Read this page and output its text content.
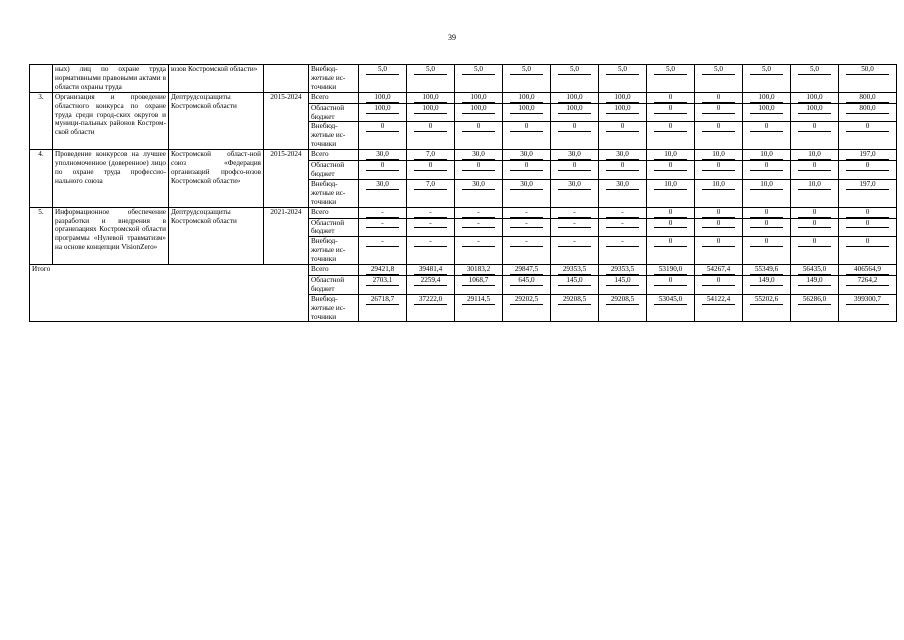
39
	ных) лиц по охране труда нормативными правовыми актами в области охраны труда	юзов Костромской области»		Внебюд-жетные ис-точники	5,0	5,0	5,0	5,0	5,0	5,0	5,0	5,0	5,0	5,0	50,0

3.	Организация и проведение областного конкурса по охране труда среди город-ских округов и муници-пальных районов Костром-ской области	Дептрудсоцзащиты Костромской области	2015-2024	Всего	100,0	100,0	100,0	100,0	100,0	100,0	0	0	100,0	100,0	800,0

				Областной бюджет	100,0	100,0	100,0	100,0	100,0	100,0	0	0	100,0	100,0	800,0

				Внебюд-жетные ис-точники	0	0	0	0	0	0	0	0	0	0	0

4.	Проведение конкурсов на лучшее уполномоченное (доверенное) лицо по охране труда профессио-нального союза	Костромской област-ной союз «Федерация организаций профсо-юзов Костромской области»	2015-2024	Всего	30,0	7,0	30,0	30,0	30,0	30,0	10,0	10,0	10,0	10,0	197,0

				Областной бюджет	0	0	0	0	0	0	0	0	0	0	0

				Внебюд-жетные ис-точники	30,0	7,0	30,0	30,0	30,0	30,0	10,0	10,0	10,0	10,0	197,0

5.	Информационное обеспечение разработки и внедрения в организациях Костромской области программы «Нулевой травматизм» на основе концепции VisionZero»	Дептрудсоцзащиты Костромской области	2021-2024	Всего	-	-	-	-	-	-	0	0	0	0	0

				Областной бюджет	-	-	-	-	-	-	0	0	0	0	0

				Внебюд-жетные ис-точники	-	-	-	-	-	-	0	0	0	0	0

Итого				Всего	29421,8	39481,4	30183,2	29847,5	29353,5	29353,5	53190,0	54267,4	55349,6	56435,0	406564,9

				Областной бюджет	2703,1	2259,4	1068,7	645,0	145,0	145,0	0	0	149,0	149,0	7264,2

				Внебюд-жетные ис-точники	26718,7	37222,0	29114,5	29202,5	29208,5	29208,5	53045,0	54122,4	55202,6	56286,0	399300,7
